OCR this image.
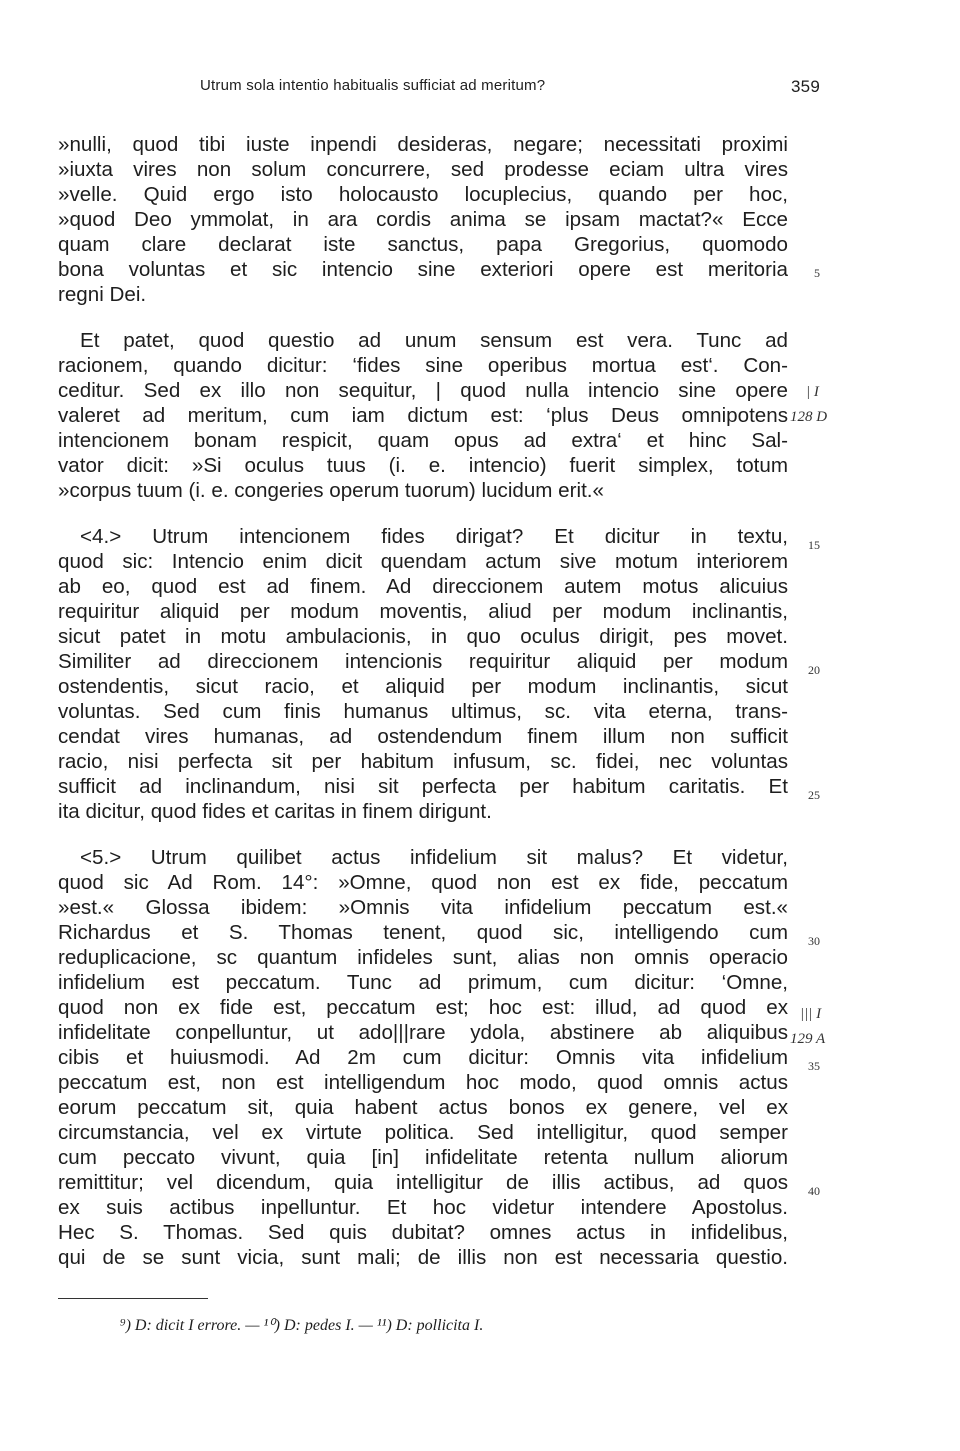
Utrum sola intentio habitualis sufficiat ad meritum?	359
»nulli, quod tibi iuste inpendi desideras, negare; necessitati proximi
»iuxta vires non solum concurrere, sed prodesse eciam ultra vires
»velle. Quid ergo isto holocausto locuplecius, quando per hoc,
»quod Deo ymmolat, in ara cordis anima se ipsam mactat?« Ecce
quam clare declarat iste sanctus, papa Gregorius, quomodo
bona voluntas et sic intencio sine exteriori opere est meritoria
regni Dei.
Et patet, quod questio ad unum sensum est vera. Tunc ad
racionem, quando dicitur: ‘fides sine operibus mortua est‘. Con-
ceditur. Sed ex illo non sequitur, | quod nulla intencio sine opere
valeret ad meritum, cum iam dictum est: ‘plus Deus omnipotens
intencionem bonam respicit, quam opus ad extra‘ et hinc Sal-
vator dicit: »Si oculus tuus (i. e. intencio) fuerit simplex, totum
»corpus tuum (i. e. congeries operum tuorum) lucidum erit.«
<4.> Utrum intencionem fides dirigat? Et dicitur in textu,
quod sic: Intencio enim dicit quendam actum sive motum interiorem
ab eo, quod est ad finem. Ad direccionem autem motus alicuius
requiritur aliquid per modum moventis, aliud per modum inclinantis,
sicut patet in motu ambulacionis, in quo oculus dirigit, pes movet.
Similiter ad direccionem intencionis requiritur aliquid per modum
ostendentis, sicut racio, et aliquid per modum inclinantis, sicut
voluntas. Sed cum finis humanus ultimus, sc. vita eterna, trans-
cendat vires humanas, ad ostendendum finem illum non sufficit
racio, nisi perfecta sit per habitum infusum, sc. fidei, nec voluntas
sufficit ad inclinandum, nisi sit perfecta per habitum caritatis. Et
ita dicitur, quod fides et caritas in finem dirigunt.
<5.> Utrum quilibet actus infidelium sit malus? Et videtur,
quod sic Ad Rom. 14°: »Omne, quod non est ex fide, peccatum
»est.« Glossa ibidem: »Omnis vita infidelium peccatum est.«
Richardus et S. Thomas tenent, quod sic, intelligendo cum
reduplicacione, sc quantum infideles sunt, alias non omnis operacio
infidelium est peccatum. Tunc ad primum, cum dicitur: ‘Omne,
quod non ex fide est, peccatum est; hoc est: illud, ad quod ex
infidelitate conpelluntur, ut ado|||rare ydola, abstinere ab aliquibus
cibis et huiusmodi. Ad 2m cum dicitur: Omnis vita infidelium
peccatum est, non est intelligendum hoc modo, quod omnis actus
eorum peccatum sit, quia habent actus bonos ex genere, vel ex
circumstancia, vel ex virtute politica. Sed intelligitur, quod semper
cum peccato vivunt, quia [in] infidelitate retenta nullum aliorum
remittitur; vel dicendum, quia intelligitur de illis actibus, ad quos
ex suis actibus inpelluntur. Et hoc videtur intendere Apostolus.
Hec S. Thomas. Sed quis dubitat? omnes actus in infidelibus,
qui de se sunt vicia, sunt mali; de illis non est necessaria questio.
5
| I
128 D
15
20
25
30
||| I
129 A
35
40
⁹) D: dicit I errore. — ¹⁰) D: pedes I. — ¹¹) D: pollicita I.
